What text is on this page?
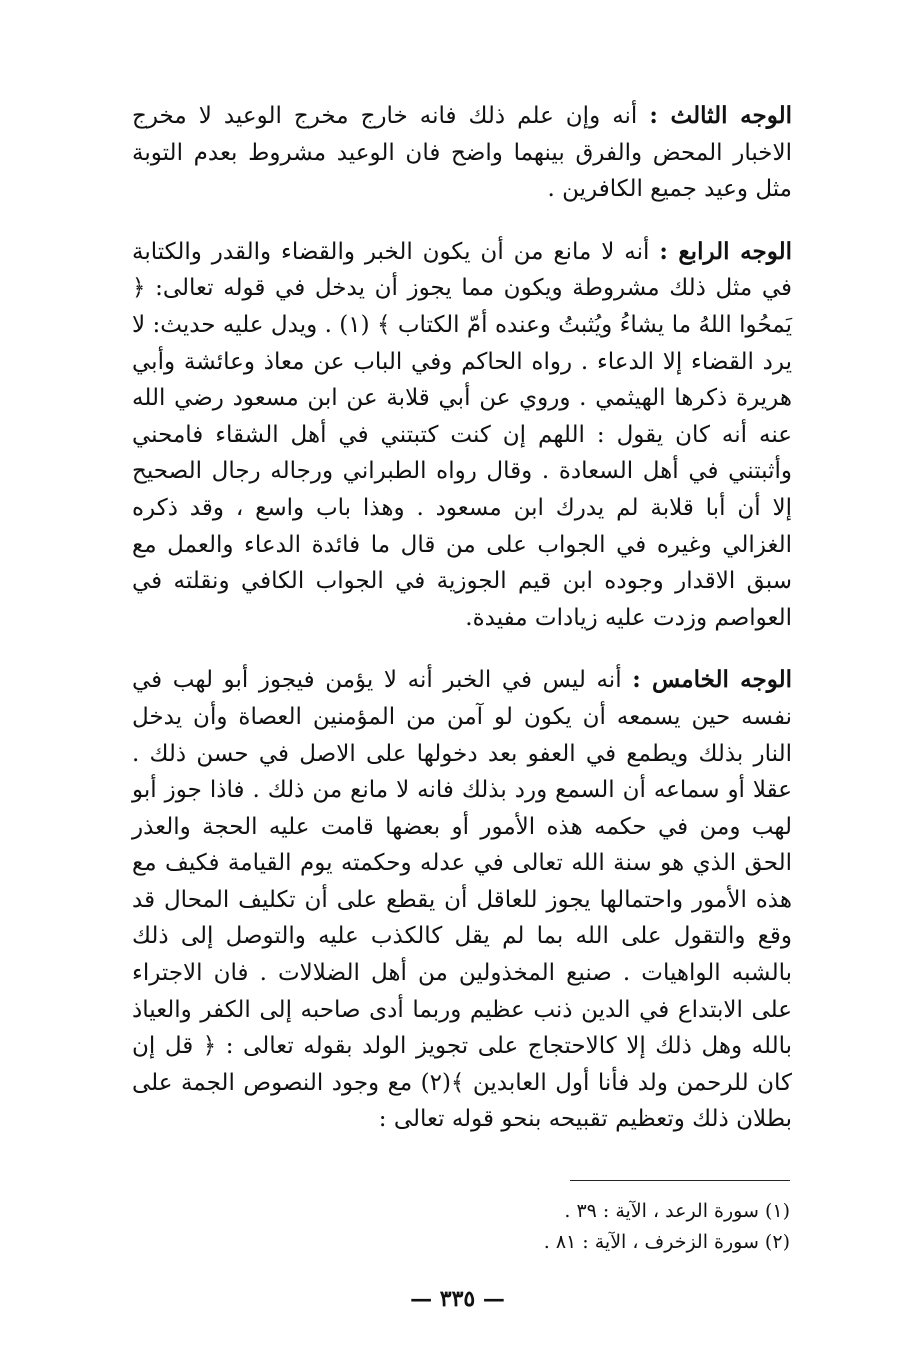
الوجه الثالث : أنه وإن علم ذلك فانه خارج مخرج الوعيد لا مخرج الاخبار المحض والفرق بينهما واضح فان الوعيد مشروط بعدم التوبة مثل وعيد جميع الكافرين .

الوجه الرابع : أنه لا مانع من أن يكون الخبر والقضاء والقدر والكتابة في مثل ذلك مشروطة ويكون مما يجوز أن يدخل في قوله تعالى: ﴿ يَمحُوا اللهُ ما يشاءُ ويُثبتُ وعنده أمّ الكتاب ﴾ (١) . ويدل عليه حديث: لا يرد القضاء إلا الدعاء . رواه الحاكم وفي الباب عن معاذ وعائشة وأبي هريرة ذكرها الهيثمي . وروي عن أبي قلابة عن ابن مسعود رضي الله عنه أنه كان يقول : اللهم إن كنت كتبتني في أهل الشقاء فامحني وأثبتني في أهل السعادة . وقال رواه الطبراني ورجاله رجال الصحيح إلا أن أبا قلابة لم يدرك ابن مسعود . وهذا باب واسع ، وقد ذكره الغزالي وغيره في الجواب على من قال ما فائدة الدعاء والعمل مع سبق الاقدار وجوده ابن قيم الجوزية في الجواب الكافي ونقلته في العواصم وزدت عليه زيادات مفيدة.

الوجه الخامس : أنه ليس في الخبر أنه لا يؤمن فيجوز أبو لهب في نفسه حين يسمعه أن يكون لو آمن من المؤمنين العصاة وأن يدخل النار بذلك ويطمع في العفو بعد دخولها على الاصل في حسن ذلك . عقلا أو سماعه أن السمع ورد بذلك فانه لا مانع من ذلك . فاذا جوز أبو لهب ومن في حكمه هذه الأمور أو بعضها قامت عليه الحجة والعذر الحق الذي هو سنة الله تعالى في عدله وحكمته يوم القيامة فكيف مع هذه الأمور واحتمالها يجوز للعاقل أن يقطع على أن تكليف المحال قد وقع والتقول على الله بما لم يقل كالكذب عليه والتوصل إلى ذلك بالشبه الواهيات . صنيع المخذولين من أهل الضلالات . فان الاجتراء على الابتداع في الدين ذنب عظيم وربما أدى صاحبه إلى الكفر والعياذ بالله وهل ذلك إلا كالاحتجاج على تجويز الولد بقوله تعالى : ﴿ قل إن كان للرحمن ولد فأنا أول العابدين ﴾(٢) مع وجود النصوص الجمة على بطلان ذلك وتعظيم تقبيحه بنحو قوله تعالى :

(١) سورة الرعد ، الآية : ٣٩ .

(٢) سورة الزخرف ، الآية : ٨١ .

— ٣٣٥ —
